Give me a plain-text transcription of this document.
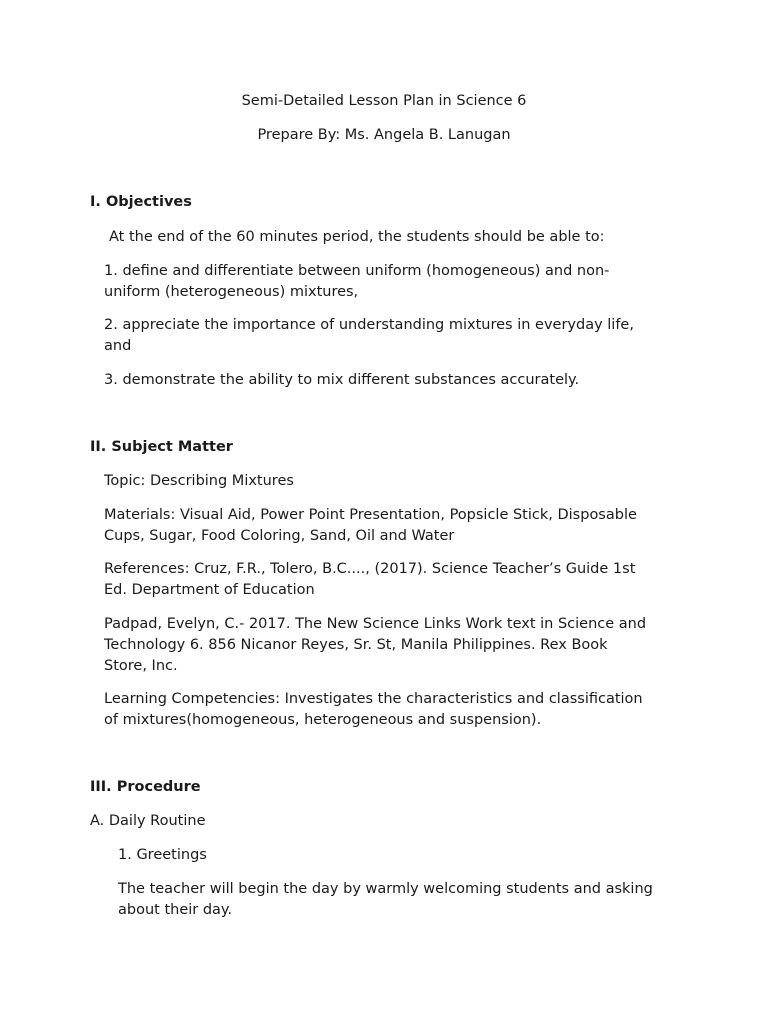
Semi-Detailed Lesson Plan in Science 6
Prepare By: Ms. Angela B. Lanugan
I. Objectives
At the end of the 60 minutes period, the students should be able to:
1. define and differentiate between uniform (homogeneous) and non-
uniform (heterogeneous) mixtures,
2. appreciate the importance of understanding mixtures in everyday life,
and
3. demonstrate the ability to mix different substances accurately.
II. Subject Matter
Topic: Describing Mixtures
Materials: Visual Aid, Power Point Presentation, Popsicle Stick, Disposable
Cups, Sugar, Food Coloring, Sand, Oil and Water
References: Cruz, F.R., Tolero, B.C...., (2017). Science Teacher’s Guide 1st
Ed. Department of Education
Padpad, Evelyn, C.- 2017. The New Science Links Work text in Science and
Technology 6. 856 Nicanor Reyes, Sr. St, Manila Philippines. Rex Book
Store, Inc.
Learning Competencies: Investigates the characteristics and classification
of mixtures(homogeneous, heterogeneous and suspension).
III. Procedure
A. Daily Routine
1. Greetings
The teacher will begin the day by warmly welcoming students and asking
about their day.
